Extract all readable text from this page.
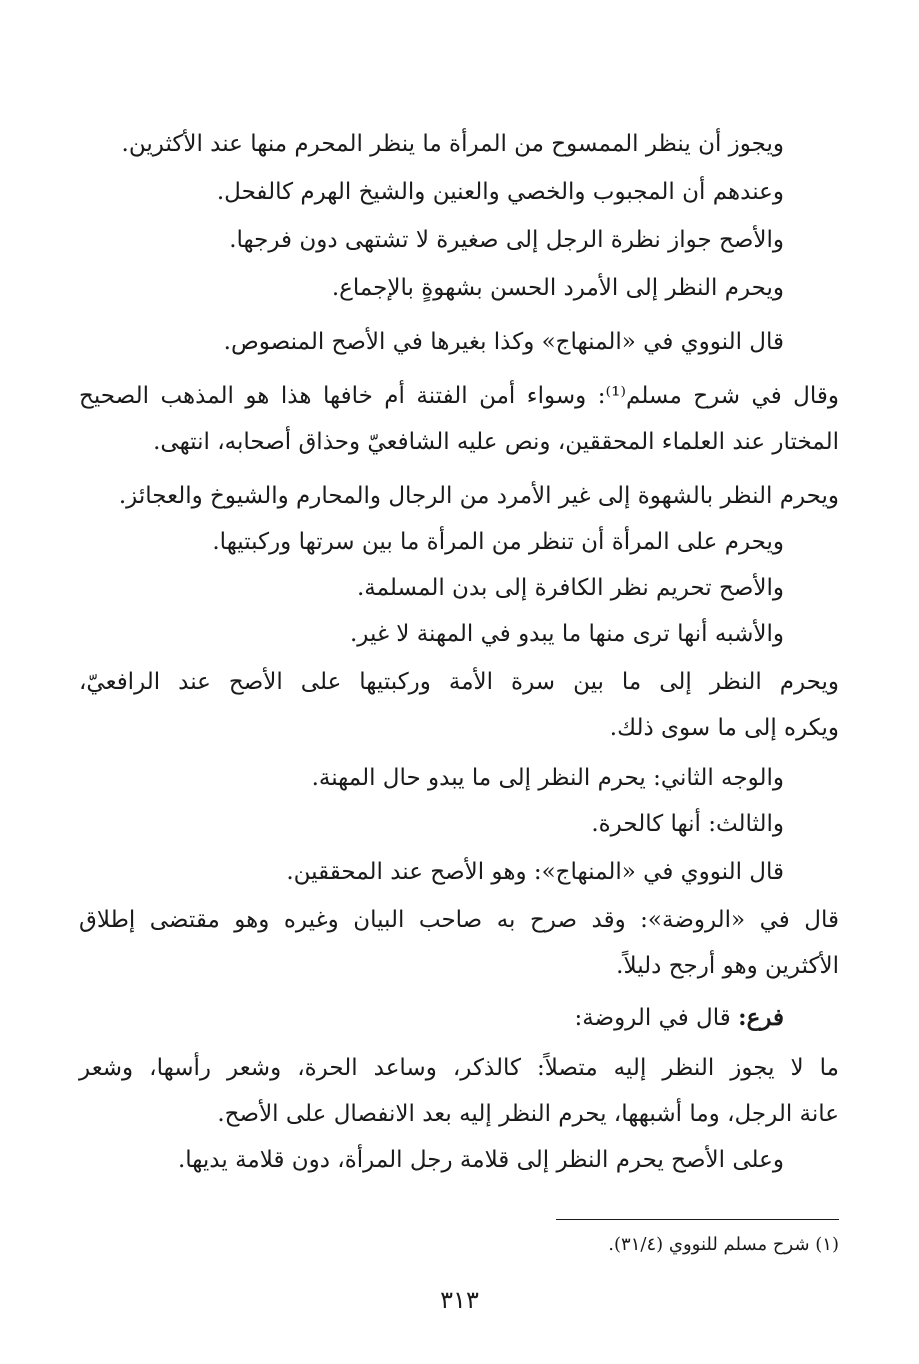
ويجوز أن ينظر الممسوح من المرأة ما ينظر المحرم منها عند الأكثرين.
وعندهم أن المجبوب والخصي والعنين والشيخ الهرم كالفحل.
والأصح جواز نظرة الرجل إلى صغيرة لا تشتهى دون فرجها.
ويحرم النظر إلى الأمرد الحسن بشهوةٍ بالإجماع.
قال النووي في «المنهاج» وكذا بغيرها في الأصح المنصوص.
وقال في شرح مسلم⁽¹⁾: وسواء أمن الفتنة أم خافها هذا هو المذهب الصحيح
المختار عند العلماء المحققين، ونص عليه الشافعيّ وحذاق أصحابه، انتهى.
ويحرم النظر بالشهوة إلى غير الأمرد من الرجال والمحارم والشيوخ والعجائز.
ويحرم على المرأة أن تنظر من المرأة ما بين سرتها وركبتيها.
والأصح تحريم نظر الكافرة إلى بدن المسلمة.
والأشبه أنها ترى منها ما يبدو في المهنة لا غير.
ويحرم النظر إلى ما بين سرة الأمة وركبتيها على الأصح عند الرافعيّ،
ويكره إلى ما سوى ذلك.
والوجه الثاني: يحرم النظر إلى ما يبدو حال المهنة.
والثالث: أنها كالحرة.
قال النووي في «المنهاج»: وهو الأصح عند المحققين.
قال في «الروضة»: وقد صرح به صاحب البيان وغيره وهو مقتضى إطلاق
الأكثرين وهو أرجح دليلاً.
فرع: قال في الروضة:
ما لا يجوز النظر إليه متصلاً: كالذكر، وساعد الحرة، وشعر رأسها، وشعر
عانة الرجل، وما أشبهها، يحرم النظر إليه بعد الانفصال على الأصح.
وعلى الأصح يحرم النظر إلى قلامة رجل المرأة، دون قلامة يديها.
(١) شرح مسلم للنووي (٣١/٤).
٣١٣
